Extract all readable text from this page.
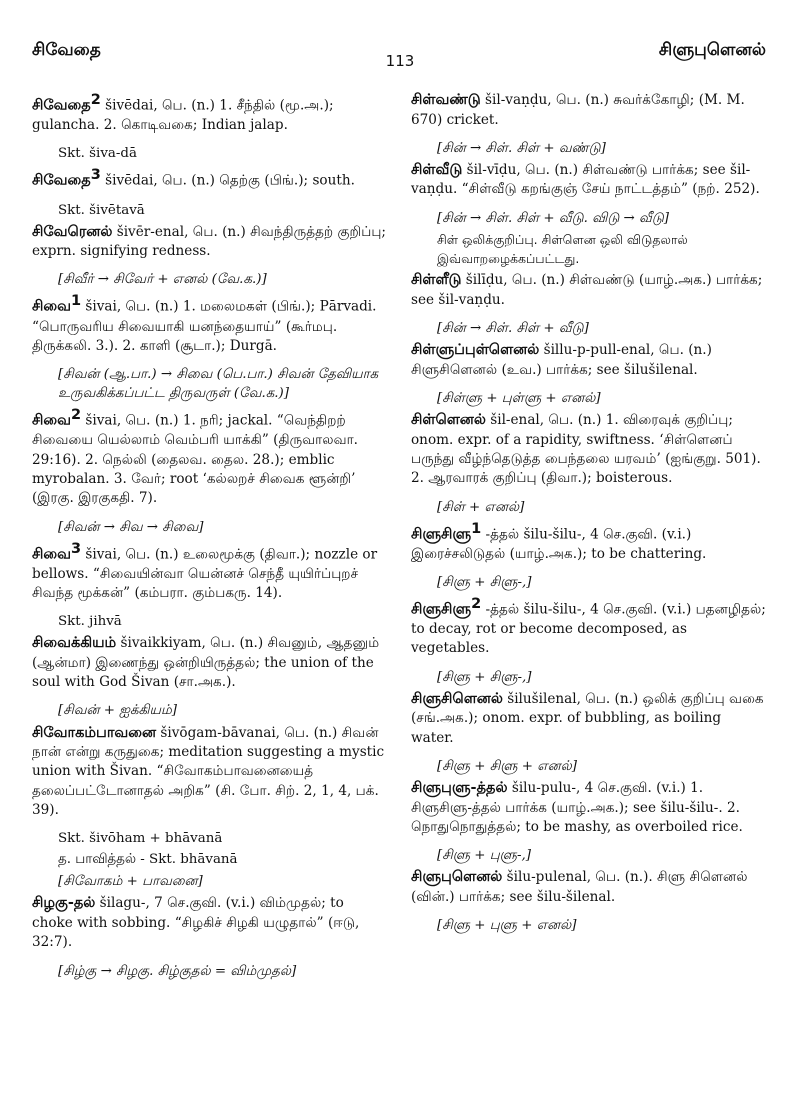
சிவேதை	சிளுபுளெனல்
113
சிவேதை$^2$ šivēdai, பெ. (n.) 1. சீந்தில் (மூ.அ.); gulancha. 2. கொடிவகை; Indian jalap.
Skt. šiva-dā
சிவேதை$^3$ šivēdai, பெ. (n.) தெற்கு (பிங்.); south.
Skt. šivētavā
சிவேரெனல் šivēr-enal, பெ. (n.) சிவந்திருத்தற் குறிப்பு; exprn. signifying redness.
[சிவீர் → சிவேர் + எனல் (வே.க.)]
சிவை$^1$ šivai, பெ. (n.) 1. மலைமகள் (பிங்.); Pārvadi. “பொருவரிய சிவையாகி யனந்தையாய்” (கூர்மபு. திருக்கலி. 3.). 2. காளி (சூடா.); Durgā.
[சிவன் (ஆ.பா.) → சிவை (பெ.பா.) சிவன் தேவியாக உருவகிக்கப்பட்ட திருவருள் (வே.க.)]
சிவை$^2$ šivai, பெ. (n.) 1. நரி; jackal. “வெந்திறற் சிவையை யெல்லாம் வெம்பரி யாக்கி” (திருவாலவா. 29:16). 2. நெல்லி (தைலவ. தைல. 28.); emblic myrobalan. 3. வேர்; root ‘கல்லறச் சிவைக ளூன்றி’ (இரகு. இரகுகதி. 7).
[சிவன் → சிவ → சிவை]
சிவை$^3$ šivai, பெ. (n.) உலைமூக்கு (திவா.); nozzle or bellows. “சிவையின்வா யென்னச் செந்தீ யுயிர்ப்புறச் சிவந்த மூக்கன்” (கம்பரா. கும்பகரு. 14).
Skt. jihvā
சிவைக்கியம் šivaikkiyam, பெ. (n.) சிவனும், ஆதனும் (ஆன்மா) இணைந்து ஒன்றியிருத்தல்; the union of the soul with God Šivan (சா.அக.).
[சிவன் + ஐக்கியம்]
சிவோகம்பாவனை šivōgam-bāvanai, பெ. (n.) சிவன் நான் என்று கருதுகை; meditation suggesting a mystic union with Šivan. “சிவோகம்பாவனையைத் தலைப்பட்டோனாதல் அறிக” (சி. போ. சிற். 2, 1, 4, பக். 39).
Skt. šivōham + bhāvanā
த. பாவித்தல் - Skt. bhāvanā
[சிவோகம் + பாவனை]
சிழகு-தல் šilagu-, 7 செ.குவி. (v.i.) விம்முதல்; to choke with sobbing. “சிழகிச் சிழகி யழுதால்” (ஈடு, 32:7).
[சிழ்கு → சிழகு. சிழ்குதல் = விம்முதல்]
சிள்வண்டு šil-vaṇḍu, பெ. (n.) சுவர்க்கோழி; (M. M. 670) cricket.
[சின் → சிள். சிள் + வண்டு]
சிள்வீடு šil-vīḍu, பெ. (n.) சிள்வண்டு பார்க்க; see šil-vaṇḍu. “சிள்வீடு கறங்குஞ் சேய் நாட்டத்தம்” (நற். 252).
[சின் → சிள். சிள் + வீடு. விடு → வீடு]
சிள் ஒலிக்குறிப்பு. சிள்ளென ஒலி விடுதலால் இவ்வாறழைக்கப்பட்டது.
சிள்ளீடு šilīḍu, பெ. (n.) சிள்வண்டு (யாழ்.அக.) பார்க்க; see šil-vaṇḍu.
[சின் → சிள். சிள் + வீடு]
சிள்ளுப்புள்ளெனல் šillu-p-pull-enal, பெ. (n.) சிளுசிளெனல் (உவ.) பார்க்க; see šilušilenal.
[சிள்ளு + புள்ளு + எனல்]
சிள்ளெனல் šil-enal, பெ. (n.) 1. விரைவுக் குறிப்பு; onom. expr. of a rapidity, swiftness. ‘சிள்ளெனப் பருந்து வீழ்ந்தெடுத்த பைந்தலை யரவம்’ (ஐங்குறு. 501). 2. ஆரவாரக் குறிப்பு (திவா.); boisterous.
[சிள் + எனல்]
சிளுசிளு$^1$ -த்தல் šilu-šilu-, 4 செ.குவி. (v.i.) இரைச்சலிடுதல் (யாழ்.அக.); to be chattering.
[சிளு + சிளு-,]
சிளுசிளு$^2$ -த்தல் šilu-šilu-, 4 செ.குவி. (v.i.) பதனழிதல்; to decay, rot or become decomposed, as vegetables.
[சிளு + சிளு-,]
சிளுசிளெனல் šilušilenal, பெ. (n.) ஒலிக் குறிப்பு வகை (சங்.அக.); onom. expr. of bubbling, as boiling water.
[சிளு + சிளு + எனல்]
சிளுபுளு-த்தல் šilu-pulu-, 4 செ.குவி. (v.i.) 1. சிளுசிளு-த்தல் பார்க்க (யாழ்.அக.); see šilu-šilu-. 2. நொதுநொதுத்தல்; to be mashy, as overboiled rice.
[சிளு + புளு-,]
சிளுபுளெனல் šilu-pulenal, பெ. (n.). சிளு சிளெனல் (வின்.) பார்க்க; see šilu-šilenal.
[சிளு + புளு + எனல்]
